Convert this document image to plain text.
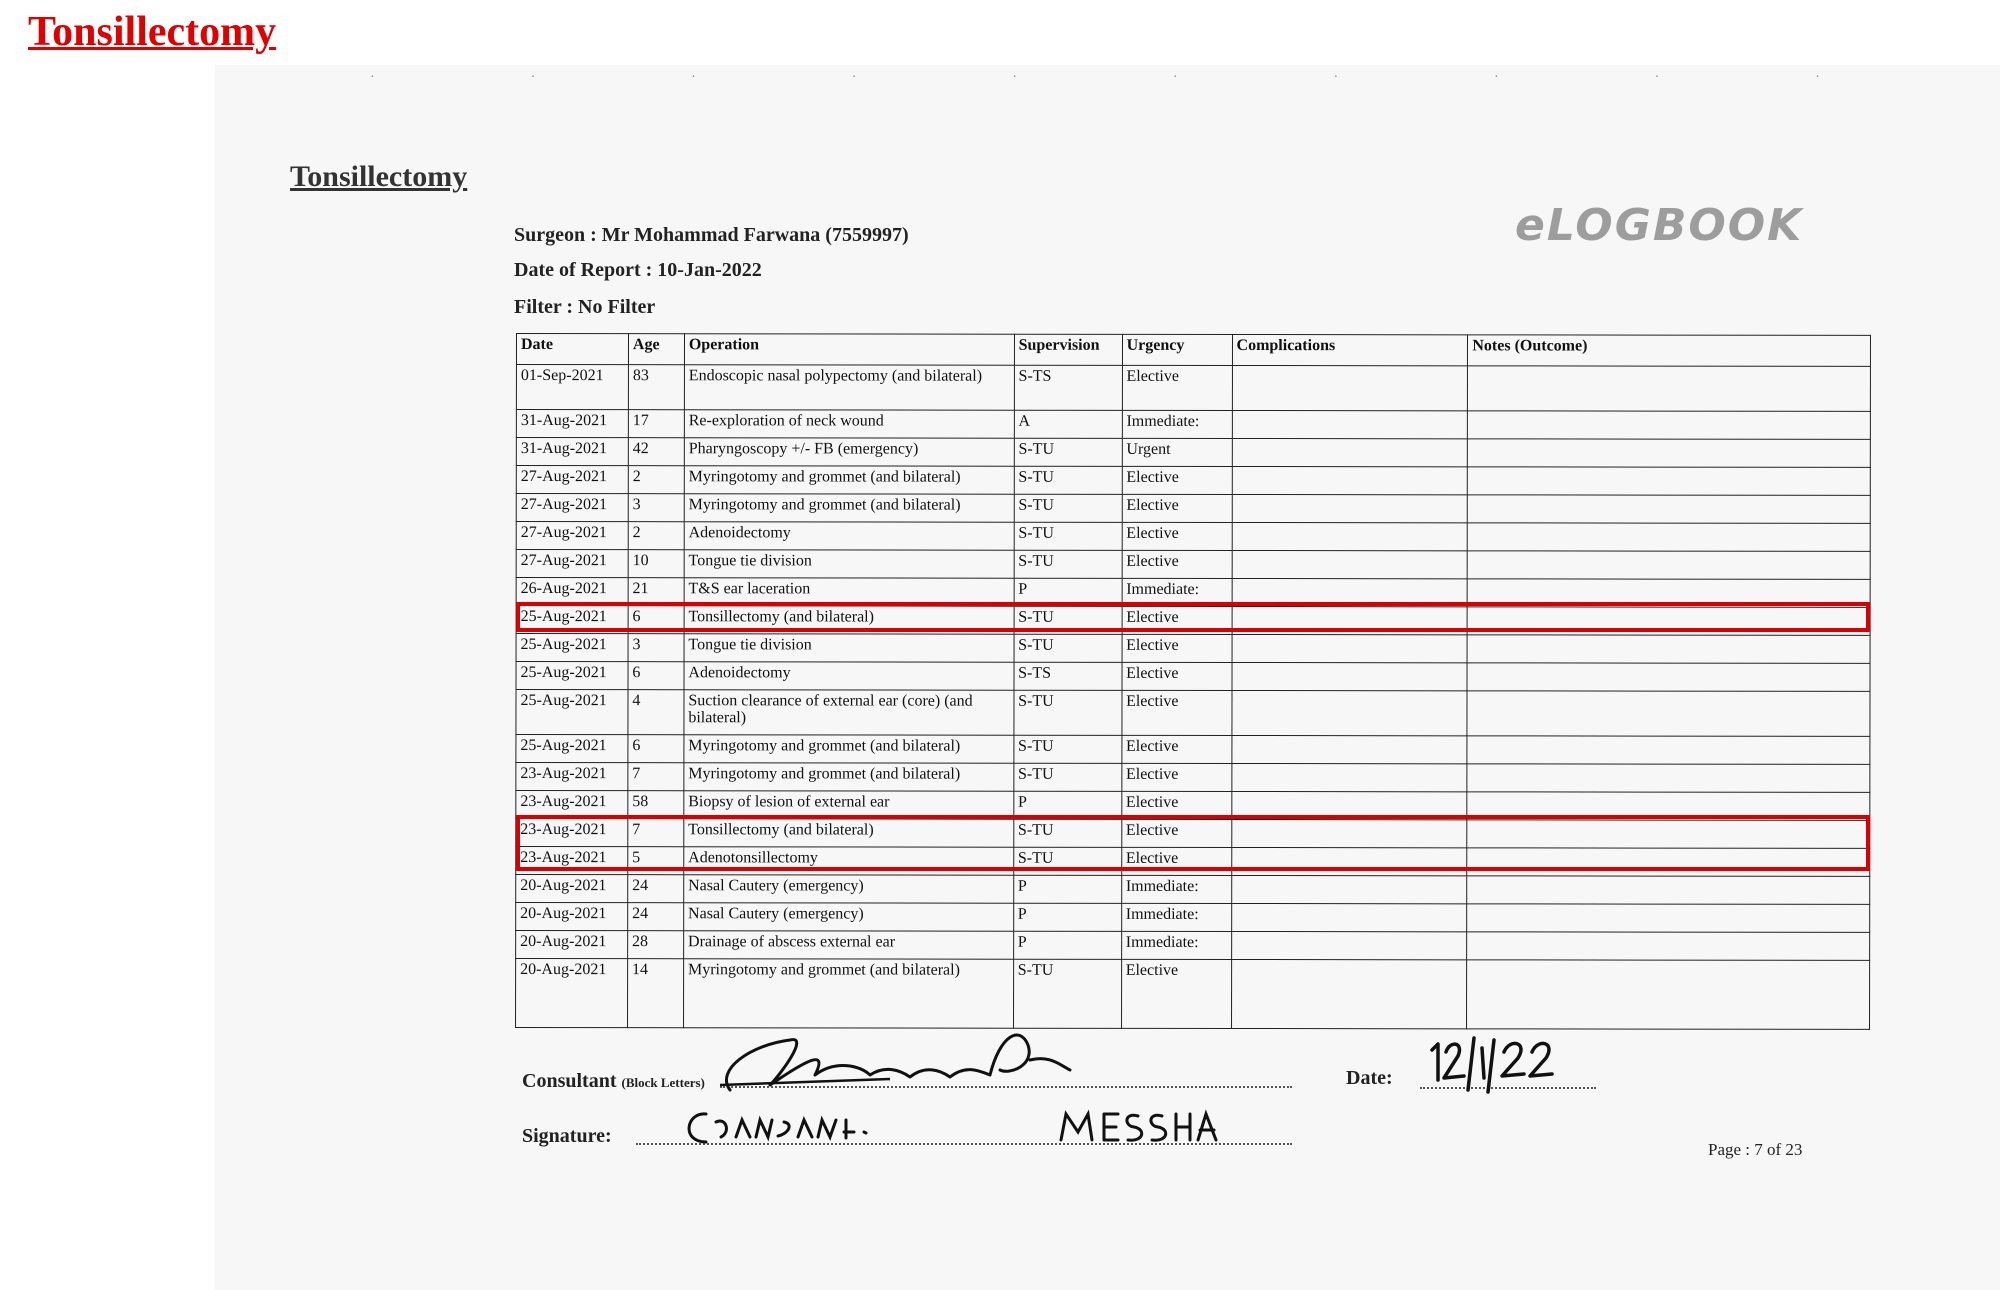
Tonsillectomy
·	·	·	·	·	·	·	·	·	·
Tonsillectomy
Surgeon : Mr Mohammad Farwana (7559997)
Date of Report : 10-Jan-2022
Filter : No Filter
eLOGBOOK
Date	Age	Operation	Supervision	Urgency	Complications	Notes (Outcome)
01-Sep-2021	83	Endoscopic nasal polypectomy (and bilateral)	S-TS	Elective		
31-Aug-2021	17	Re-exploration of neck wound	A	Immediate:		
31-Aug-2021	42	Pharyngoscopy +/- FB (emergency)	S-TU	Urgent		
27-Aug-2021	2	Myringotomy and grommet (and bilateral)	S-TU	Elective		
27-Aug-2021	3	Myringotomy and grommet (and bilateral)	S-TU	Elective		
27-Aug-2021	2	Adenoidectomy	S-TU	Elective		
27-Aug-2021	10	Tongue tie division	S-TU	Elective		
26-Aug-2021	21	T&S ear laceration	P	Immediate:		
25-Aug-2021	6	Tonsillectomy (and bilateral)	S-TU	Elective		
25-Aug-2021	3	Tongue tie division	S-TU	Elective		
25-Aug-2021	6	Adenoidectomy	S-TS	Elective		
25-Aug-2021	4	Suction clearance of external ear (core) (and bilateral)	S-TU	Elective		
25-Aug-2021	6	Myringotomy and grommet (and bilateral)	S-TU	Elective		
23-Aug-2021	7	Myringotomy and grommet (and bilateral)	S-TU	Elective		
23-Aug-2021	58	Biopsy of lesion of external ear	P	Elective		
23-Aug-2021	7	Tonsillectomy (and bilateral)	S-TU	Elective		
23-Aug-2021	5	Adenotonsillectomy	S-TU	Elective		
20-Aug-2021	24	Nasal Cautery (emergency)	P	Immediate:		
20-Aug-2021	24	Nasal Cautery (emergency)	P	Immediate:		
20-Aug-2021	28	Drainage of abscess external ear	P	Immediate:		
20-Aug-2021	14	Myringotomy and grommet (and bilateral)	S-TU	Elective		
Consultant (Block Letters)
Signature:
Date:
Page : 7 of 23
